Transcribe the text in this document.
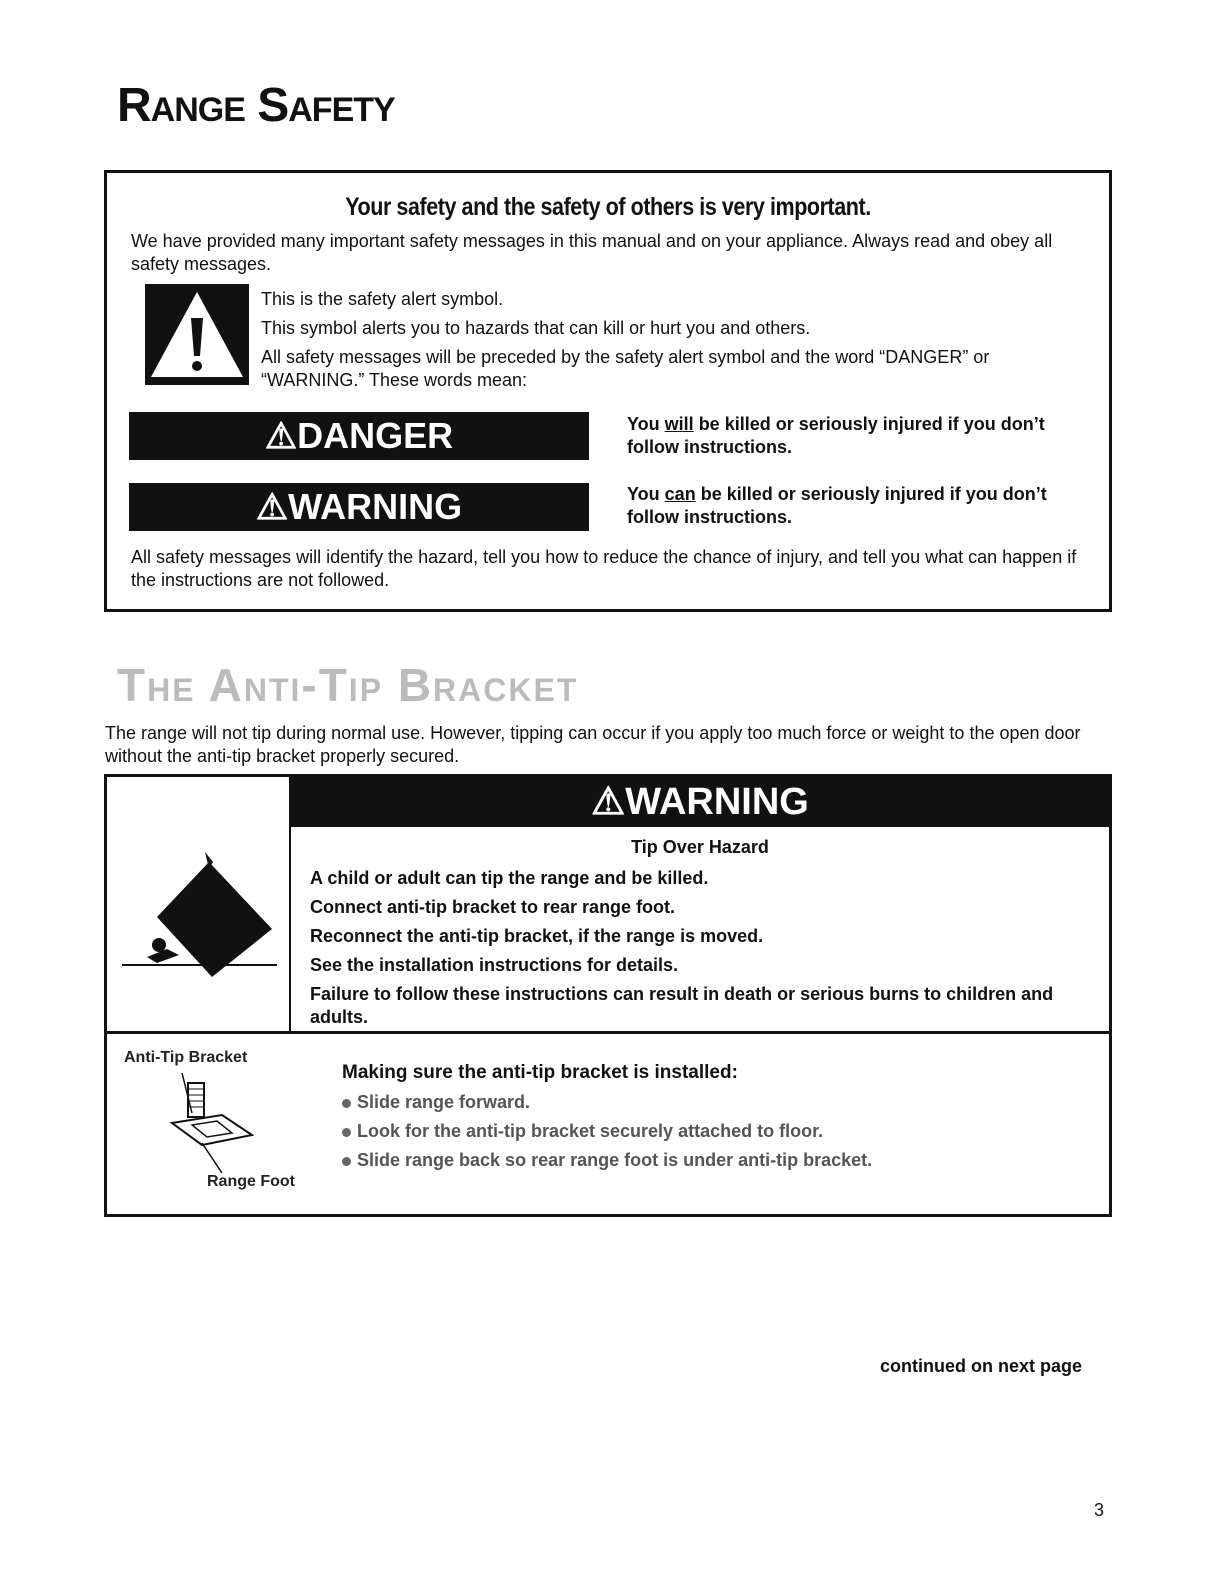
Range Safety
Your safety and the safety of others is very important.
We have provided many important safety messages in this manual and on your appliance. Always read and obey all safety messages.
This is the safety alert symbol.
This symbol alerts you to hazards that can kill or hurt you and others.
All safety messages will be preceded by the safety alert symbol and the word “DANGER” or “WARNING.” These words mean:
⚠DANGER	You will be killed or seriously injured if you don’t follow instructions.
⚠WARNING	You can be killed or seriously injured if you don’t follow instructions.
All safety messages will identify the hazard, tell you how to reduce the chance of injury, and tell you what can happen if the instructions are not followed.
The Anti-Tip Bracket
The range will not tip during normal use. However, tipping can occur if you apply too much force or weight to the open door without the anti-tip bracket properly secured.
⚠WARNING
Tip Over Hazard
A child or adult can tip the range and be killed.
Connect anti-tip bracket to rear range foot.
Reconnect the anti-tip bracket, if the range is moved.
See the installation instructions for details.
Failure to follow these instructions can result in death or serious burns to children and adults.
Anti-Tip Bracket
Range Foot
Making sure the anti-tip bracket is installed:
Slide range forward.
Look for the anti-tip bracket securely attached to floor.
Slide range back so rear range foot is under anti-tip bracket.
continued on next page
3
